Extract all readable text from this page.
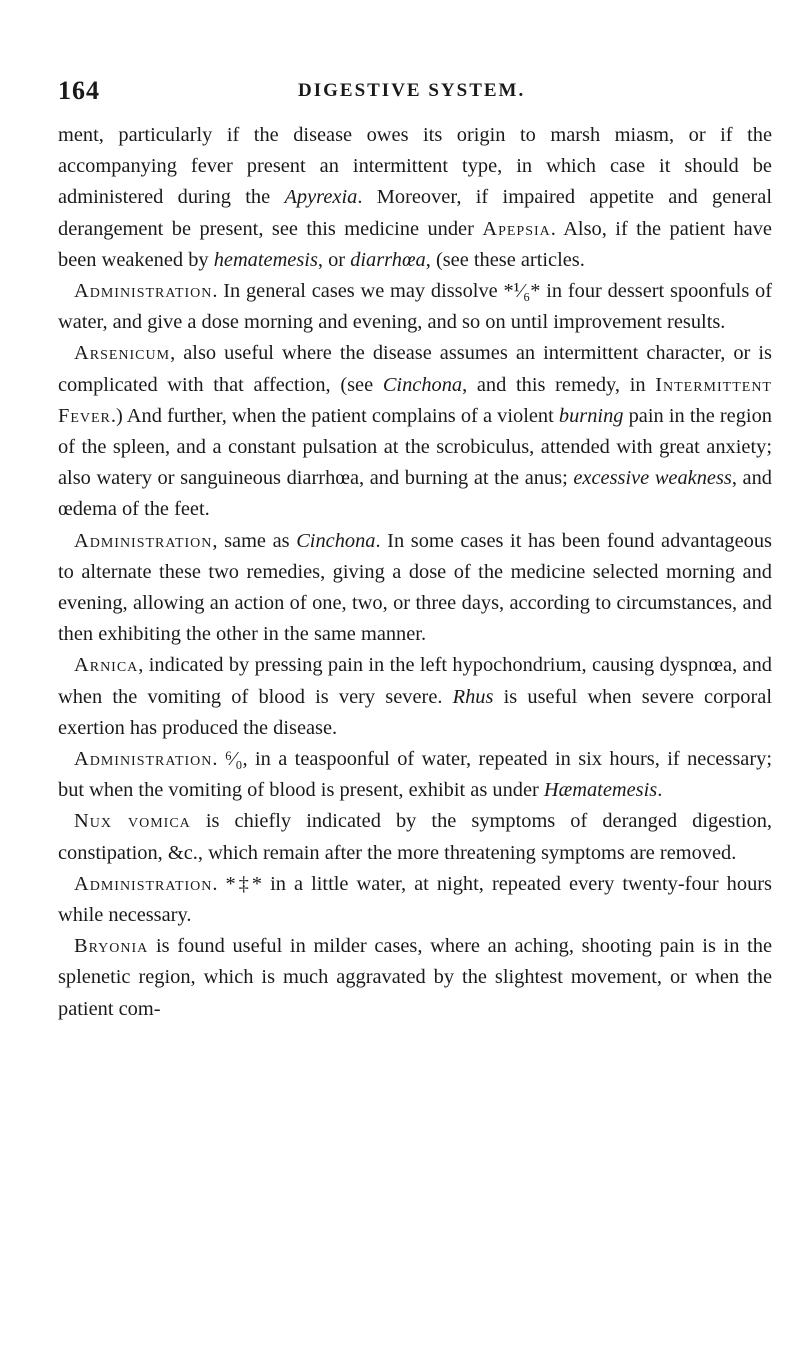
164	DIGESTIVE SYSTEM.

ment, particularly if the disease owes its origin to marsh miasm, or if the accompanying fever present an intermittent type, in which case it should be administered during the Apyrexia. Moreover, if impaired appetite and general derangement be present, see this medicine under Apepsia. Also, if the patient have been weakened by hematemesis, or diarrhœa, (see these articles.

Administration. In general cases we may dissolve *¹⁄₆* in four dessert spoonfuls of water, and give a dose morning and evening, and so on until improvement results.

Arsenicum, also useful where the disease assumes an intermittent character, or is complicated with that affection, (see Cinchona, and this remedy, in Intermittent Fever.) And further, when the patient complains of a violent burning pain in the region of the spleen, and a constant pulsation at the scrobiculus, attended with great anxiety; also watery or sanguineous diarrhœa, and burning at the anus; excessive weakness, and œdema of the feet.

Administration, same as Cinchona. In some cases it has been found advantageous to alternate these two remedies, giving a dose of the medicine selected morning and evening, allowing an action of one, two, or three days, according to circumstances, and then exhibiting the other in the same manner.

Arnica, indicated by pressing pain in the left hypochondrium, causing dyspnœa, and when the vomiting of blood is very severe. Rhus is useful when severe corporal exertion has produced the disease.

Administration. ⁶⁄₀, in a teaspoonful of water, repeated in six hours, if necessary; but when the vomiting of blood is present, exhibit as under Hæmatemesis.

Nux vomica is chiefly indicated by the symptoms of deranged digestion, constipation, &c., which remain after the more threatening symptoms are removed.

Administration. *‡* in a little water, at night, repeated every twenty-four hours while necessary.

Bryonia is found useful in milder cases, where an aching, shooting pain is in the splenetic region, which is much aggravated by the slightest movement, or when the patient com-
